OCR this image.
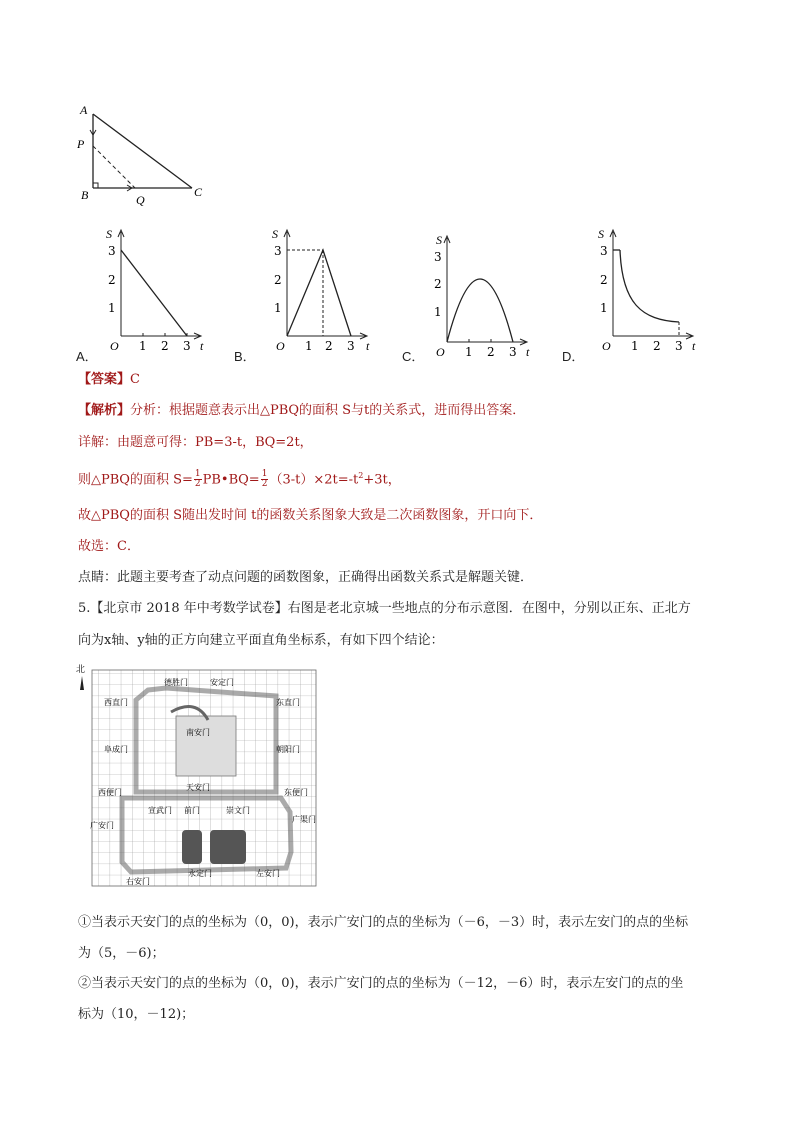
A
P
B	Q
C
S
3
2
1
O 1 2 3 t
S
3
2
1
O 1 2 3 t
S
3
2
1
O 1 2 3 t
S
3
2
1
O 1 2 3 t
A．	B．	C．	D．
【答案】C
【解析】分析：根据题意表示出△PBQ的面积 S与t的关系式，进而得出答案．
详解：由题意可得：PB=3-t，BQ=2t，
则△PBQ的面积 $S= \frac{1}{2}$ PB•BQ= $\frac{1}{2} (3-t)\times 2t=-t^2+3t$，
故△PBQ的面积 S随出发时间 t的函数关系图象大致是二次函数图象，开口向下．
故选：C．
点睛：此题主要考查了动点问题的函数图象，正确得出函数关系式是解题关键．
5.【北京市 2018 年中考数学试卷】右图是老北京城一些地点的分布示意图．在图中，分别以正东、正北方
向为x轴、y轴的正方向建立平面直角坐标系，有如下四个结论：
北
德胜门	安定门
西直门	东直门
南安门
阜成门	朝阳门
天安门
西便门	东便门
宣武门 前门	崇文门
广安门
广渠门
右安门
永定门	左安门
①当表示天安门的点的坐标为（0，0)，表示广安门的点的坐标为（－6，－3）时，表示左安门的点的坐标
为（5，－6)；
②当表示天安门的点的坐标为（0，0)，表示广安门的点的坐标为（－12，－6）时，表示左安门的点的坐
标为（10，－12)；
